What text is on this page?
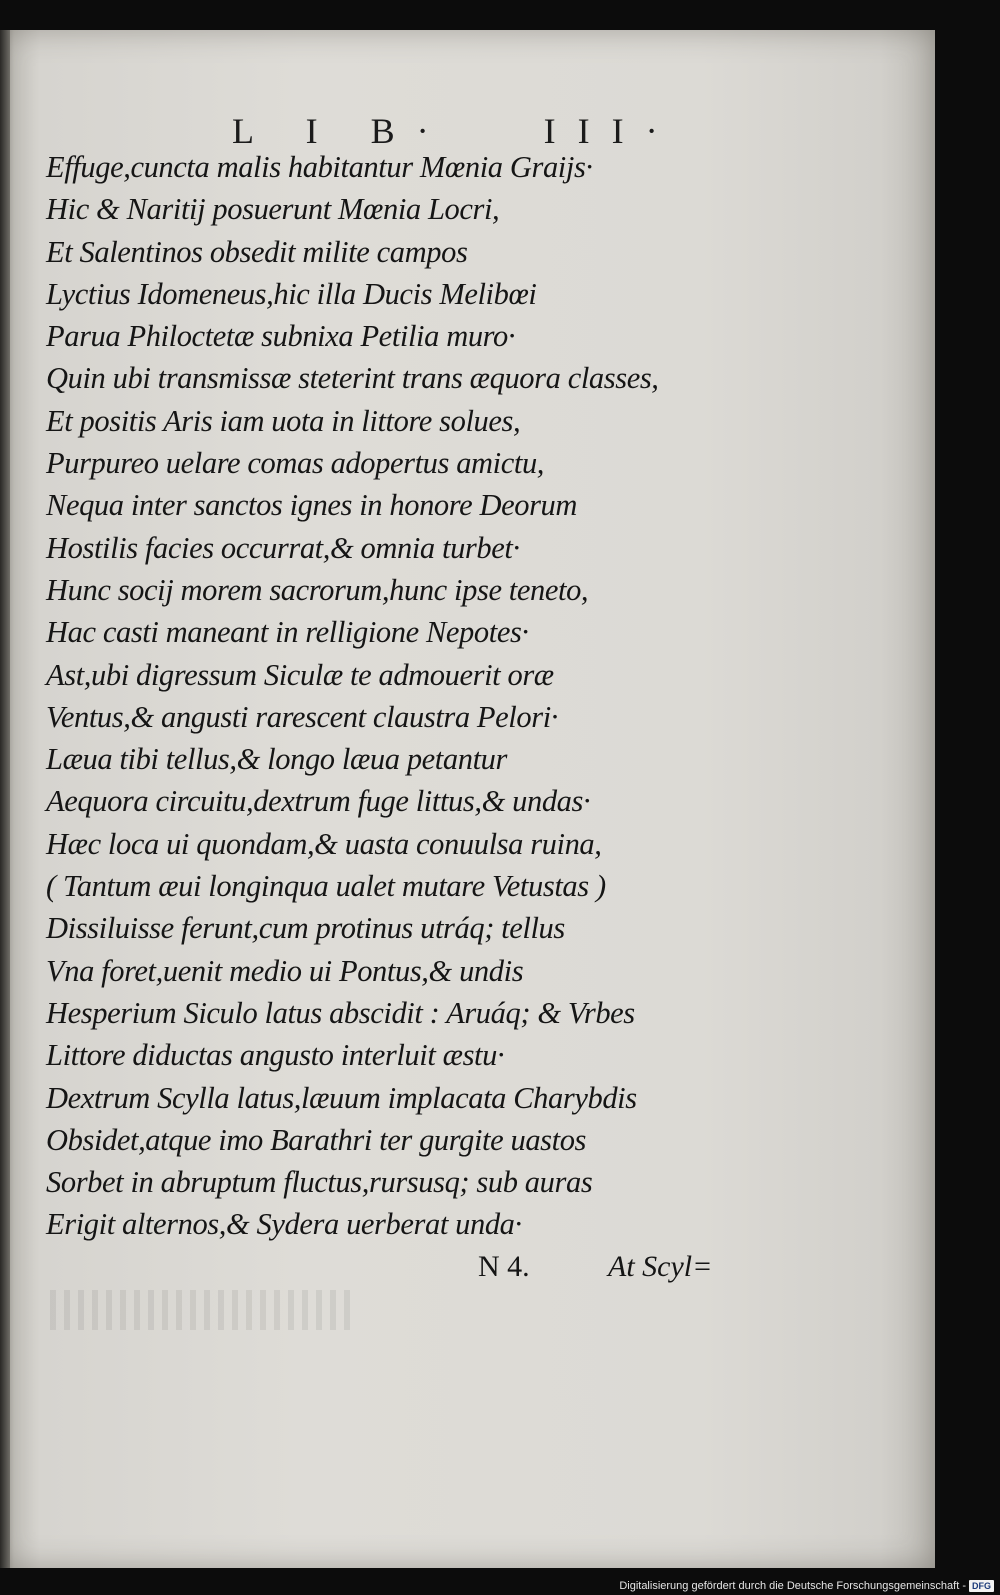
L I B·   III·
Effuge,cuncta malis habitantur Mœnia Graijs·
Hic & Naritij posuerunt Mœnia Locri,
Et Salentinos obsedit milite campos
Lyctius Idomeneus,hic illa Ducis Melibœi
Parua Philoctetæ subnixa Petilia muro·
Quin ubi transmissæ steterint trans æquora classes,
Et positis Aris iam uota in littore solues,
Purpureo uelare comas adopertus amictu,
Nequa inter sanctos ignes in honore Deorum
Hostilis facies occurrat,& omnia turbet·
Hunc socij morem sacrorum,hunc ipse teneto,
Hac casti maneant in relligione Nepotes·
Ast,ubi digressum Siculæ te admouerit oræ
Ventus,& angusti rarescent claustra Pelori·
Læua tibi tellus,& longo læua petantur
Aequora circuitu,dextrum fuge littus,& undas·
Hæc loca ui quondam,& uasta conuulsa ruina,
( Tantum æui longinqua ualet mutare Vetustas )
Dissiluisse ferunt,cum protinus utráq; tellus
Vna foret,uenit medio ui Pontus,& undis
Hesperium Siculo latus abscidit : Aruáq; & Vrbes
Littore diductas angusto interluit æstu·
Dextrum Scylla latus,læuum implacata Charybdis
Obsidet,atque imo Barathri ter gurgite uastos
Sorbet in abruptum fluctus,rursusq; sub auras
Erigit alternos,& Sydera uerberat unda·
N 4.	At Scyl=
Digitalisierung gefördert durch die Deutsche Forschungsgemeinschaft - DFG
